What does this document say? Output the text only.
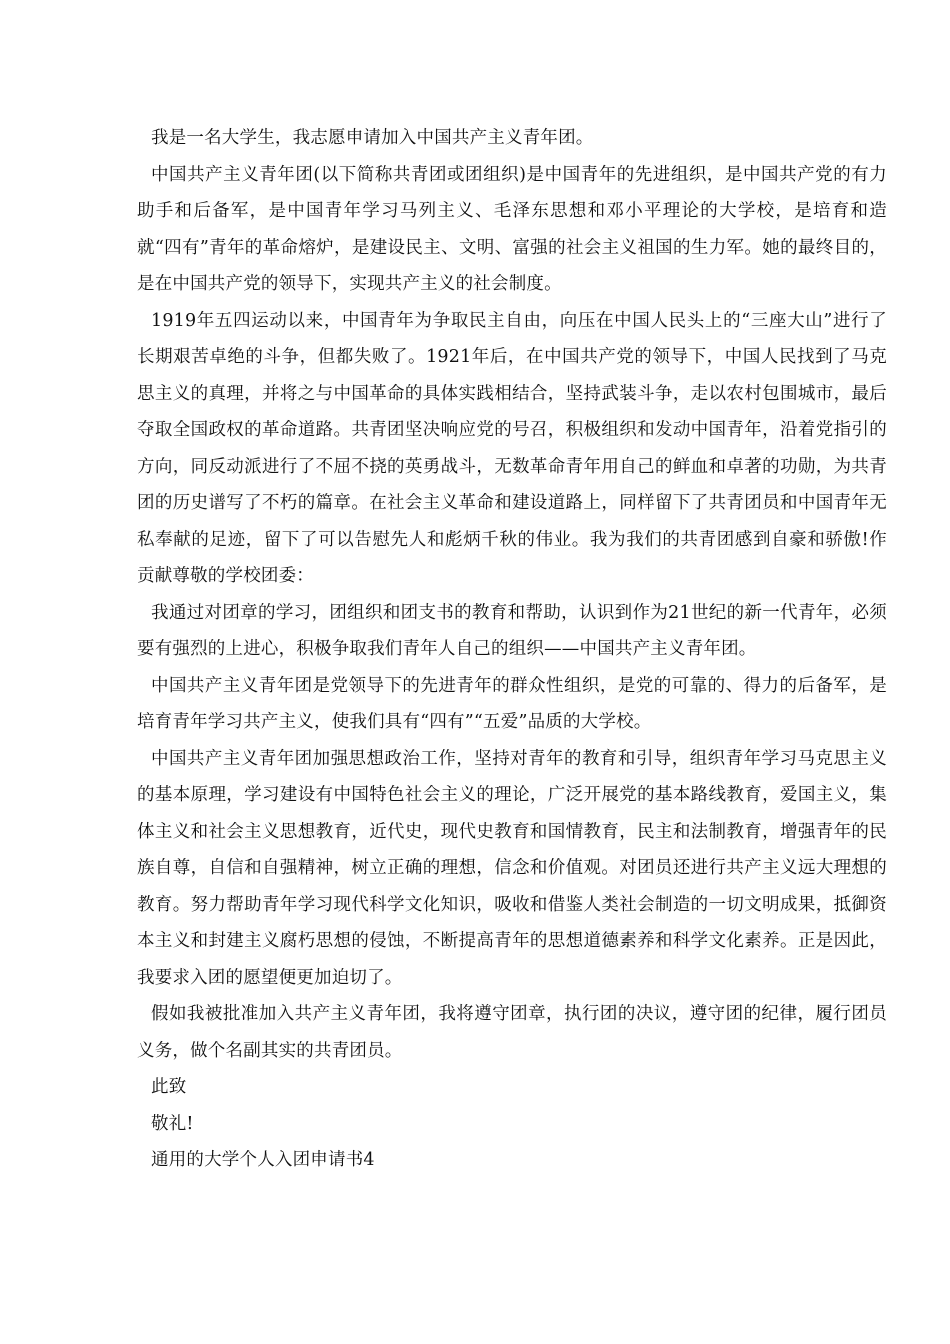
我是一名大学生，我志愿申请加入中国共产主义青年团。

中国共产主义青年团(以下简称共青团或团组织)是中国青年的先进组织，是中国共产党的有力助手和后备军，是中国青年学习马列主义、毛泽东思想和邓小平理论的大学校，是培育和造就“四有”青年的革命熔炉，是建设民主、文明、富强的社会主义祖国的生力军。她的最终目的，是在中国共产党的领导下，实现共产主义的社会制度。

1919年五四运动以来，中国青年为争取民主自由，向压在中国人民头上的“三座大山”进行了长期艰苦卓绝的斗争，但都失败了。1921年后，在中国共产党的领导下，中国人民找到了马克思主义的真理，并将之与中国革命的具体实践相结合，坚持武装斗争，走以农村包围城市，最后夺取全国政权的革命道路。共青团坚决响应党的号召，积极组织和发动中国青年，沿着党指引的方向，同反动派进行了不屈不挠的英勇战斗，无数革命青年用自己的鲜血和卓著的功勋，为共青团的历史谱写了不朽的篇章。在社会主义革命和建设道路上，同样留下了共青团员和中国青年无私奉献的足迹，留下了可以告慰先人和彪炳千秋的伟业。我为我们的共青团感到自豪和骄傲!作贡献尊敬的学校团委：

我通过对团章的学习，团组织和团支书的教育和帮助，认识到作为21世纪的新一代青年，必须要有强烈的上进心，积极争取我们青年人自己的组织——中国共产主义青年团。

中国共产主义青年团是党领导下的先进青年的群众性组织，是党的可靠的、得力的后备军，是培育青年学习共产主义，使我们具有“四有”“五爱”品质的大学校。

中国共产主义青年团加强思想政治工作，坚持对青年的教育和引导，组织青年学习马克思主义的基本原理，学习建设有中国特色社会主义的理论，广泛开展党的基本路线教育，爱国主义，集体主义和社会主义思想教育，近代史，现代史教育和国情教育，民主和法制教育，增强青年的民族自尊，自信和自强精神，树立正确的理想，信念和价值观。对团员还进行共产主义远大理想的教育。努力帮助青年学习现代科学文化知识，吸收和借鉴人类社会制造的一切文明成果，抵御资本主义和封建主义腐朽思想的侵蚀，不断提高青年的思想道德素养和科学文化素养。正是因此，我要求入团的愿望便更加迫切了。

假如我被批准加入共产主义青年团，我将遵守团章，执行团的决议，遵守团的纪律，履行团员义务，做个名副其实的共青团员。

此致

敬礼!

通用的大学个人入团申请书4
